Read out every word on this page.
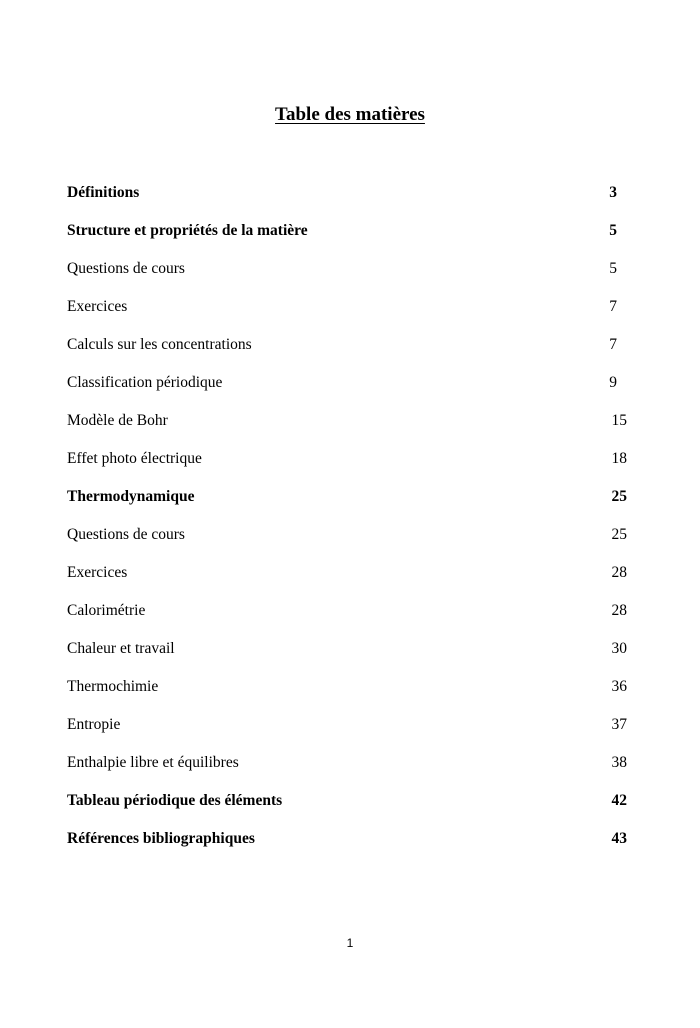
Table des matières
Définitions	3
Structure et propriétés de la matière	5
Questions de cours	5
Exercices	7
Calculs sur les concentrations	7
Classification périodique	9
Modèle de Bohr	15
Effet photo électrique	18
Thermodynamique	25
Questions de cours	25
Exercices	28
Calorimétrie	28
Chaleur et travail	30
Thermochimie	36
Entropie	37
Enthalpie libre et équilibres	38
Tableau périodique des éléments	42
Références bibliographiques	43
1
